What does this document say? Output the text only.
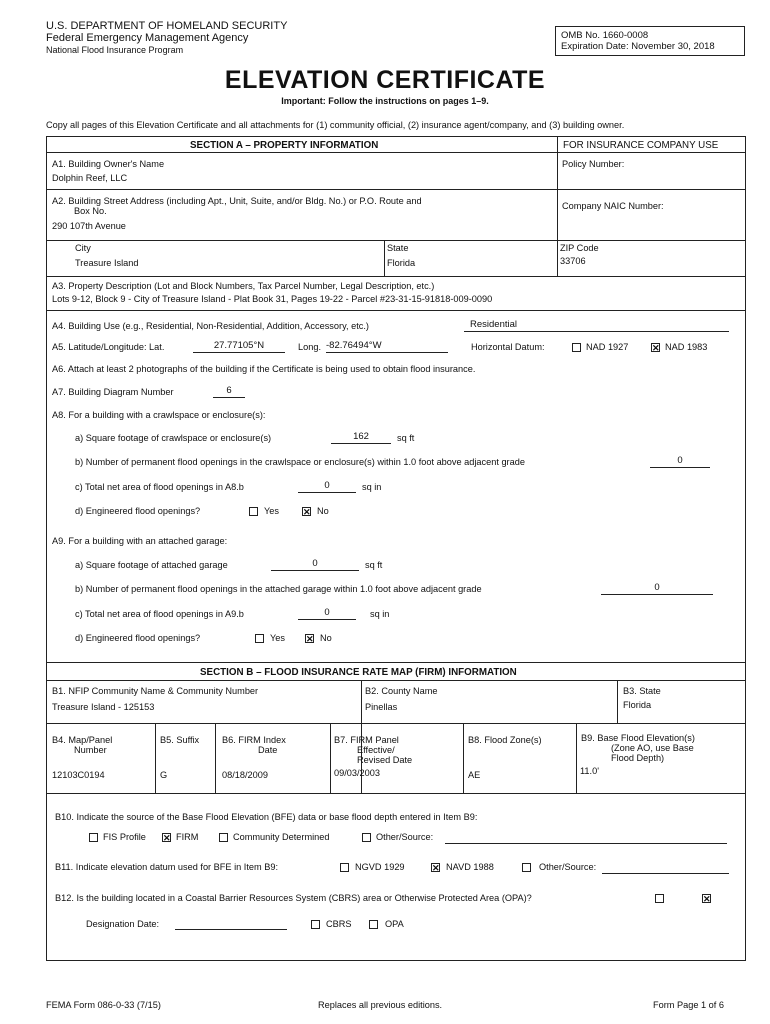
U.S. DEPARTMENT OF HOMELAND SECURITY
Federal Emergency Management Agency
National Flood Insurance Program
OMB No. 1660-0008
Expiration Date: November 30, 2018
ELEVATION CERTIFICATE
Important: Follow the instructions on pages 1–9.
Copy all pages of this Elevation Certificate and all attachments for (1) community official, (2) insurance agent/company, and (3) building owner.
SECTION A – PROPERTY INFORMATION	FOR INSURANCE COMPANY USE
A1. Building Owner's Name
Dolphin Reef, LLC
Policy Number:
A2. Building Street Address (including Apt., Unit, Suite, and/or Bldg. No.) or P.O. Route and
Box No.
290 107th Avenue
Company NAIC Number:
City
Treasure Island
State
Florida
ZIP Code
33706
A3. Property Description (Lot and Block Numbers, Tax Parcel Number, Legal Description, etc.)
Lots 9-12, Block 9 - City of Treasure Island - Plat Book 31, Pages 19-22 - Parcel #23-31-15-91818-009-0090
A4. Building Use (e.g., Residential, Non-Residential, Addition, Accessory, etc.)	Residential
A5. Latitude/Longitude: Lat.	27.77105°N	Long. -82.76494°W	Horizontal Datum:	NAD 1927	✕ NAD 1983
A6. Attach at least 2 photographs of the building if the Certificate is being used to obtain flood insurance.
A7. Building Diagram Number	6
A8. For a building with a crawlspace or enclosure(s):
a) Square footage of crawlspace or enclosure(s)	162	sq ft
b) Number of permanent flood openings in the crawlspace or enclosure(s) within 1.0 foot above adjacent grade	0
c) Total net area of flood openings in A8.b	0	sq in
d) Engineered flood openings?	Yes	✕ No
A9. For a building with an attached garage:
a) Square footage of attached garage	0	sq ft
b) Number of permanent flood openings in the attached garage within 1.0 foot above adjacent grade	0
c) Total net area of flood openings in A9.b	0	sq in
d) Engineered flood openings?	Yes ✕ No
SECTION B – FLOOD INSURANCE RATE MAP (FIRM) INFORMATION
B1. NFIP Community Name & Community Number
Treasure Island - 125153
B2. County Name
Pinellas
B3. State
Florida
B4. Map/Panel
Number
12103C0194
B5. Suffix
G
B6. FIRM Index
Date
08/18/2009
B7. FIRM Panel
Effective/
Revised Date
09/03/2003
B8. Flood Zone(s)
AE
B9. Base Flood Elevation(s)
(Zone AO, use Base
Flood Depth)
11.0'
B10. Indicate the source of the Base Flood Elevation (BFE) data or base flood depth entered in Item B9:
FIS Profile ✕ FIRM	Community Determined	Other/Source:
B11. Indicate elevation datum used for BFE in Item B9:	NGVD 1929	✕ NAVD 1988	Other/Source:
B12. Is the building located in a Coastal Barrier Resources System (CBRS) area or Otherwise Protected Area (OPA)?	✕
Designation Date:	CBRS	OPA
FEMA Form 086-0-33 (7/15)	Replaces all previous editions.	Form Page 1 of 6
